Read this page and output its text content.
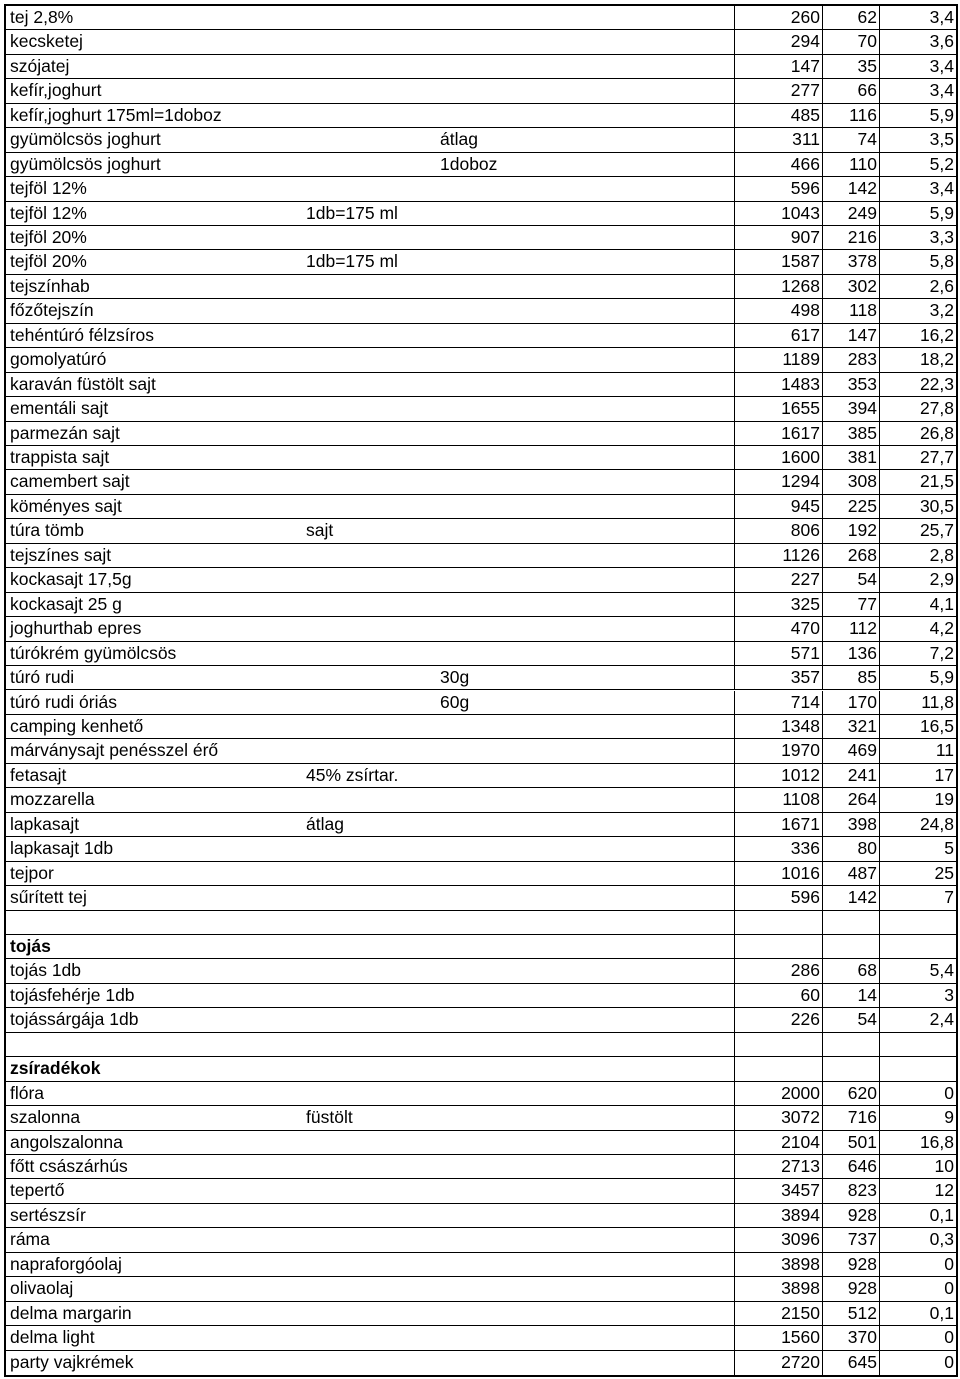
tej 2,8%	260	62	3,4
kecsketej	294	70	3,6
szójatej	147	35	3,4
kefír,joghurt	277	66	3,4
kefír,joghurt 175ml=1doboz	485	116	5,9
gyümölcsös joghurt	átlag	311	74	3,5
gyümölcsös joghurt	1doboz	466	110	5,2
tejföl 12%	596	142	3,4
tejföl 12%	1db=175 ml	1043	249	5,9
tejföl 20%	907	216	3,3
tejföl 20%	1db=175 ml	1587	378	5,8
tejszínhab	1268	302	2,6
főzőtejszín	498	118	3,2
tehéntúró félzsíros	617	147	16,2
gomolyatúró	1189	283	18,2
karaván füstölt sajt	1483	353	22,3
ementáli sajt	1655	394	27,8
parmezán sajt	1617	385	26,8
trappista sajt	1600	381	27,7
camembert sajt	1294	308	21,5
köményes sajt	945	225	30,5
túra tömb	sajt	806	192	25,7
tejszínes sajt	1126	268	2,8
kockasajt 17,5g	227	54	2,9
kockasajt 25 g	325	77	4,1
joghurthab epres	470	112	4,2
túrókrém gyümölcsös	571	136	7,2
túró rudi	30g	357	85	5,9
túró rudi óriás	60g	714	170	11,8
camping kenhető	1348	321	16,5
márványsajt penésszel érő	1970	469	11
fetasajt	45% zsírtar.	1012	241	17
mozzarella	1108	264	19
lapkasajt	átlag	1671	398	24,8
lapkasajt 1db	336	80	5
tejpor	1016	487	25
sűrített tej	596	142	7
tojás
tojás 1db	286	68	5,4
tojásfehérje 1db	60	14	3
tojássárgája 1db	226	54	2,4
zsíradékok
flóra	2000	620	0
szalonna	füstölt	3072	716	9
angolszalonna	2104	501	16,8
főtt császárhús	2713	646	10
tepertő	3457	823	12
sertészsír	3894	928	0,1
ráma	3096	737	0,3
napraforgóolaj	3898	928	0
olivaolaj	3898	928	0
delma margarin	2150	512	0,1
delma light	1560	370	0
party vajkrémek	2720	645	0
